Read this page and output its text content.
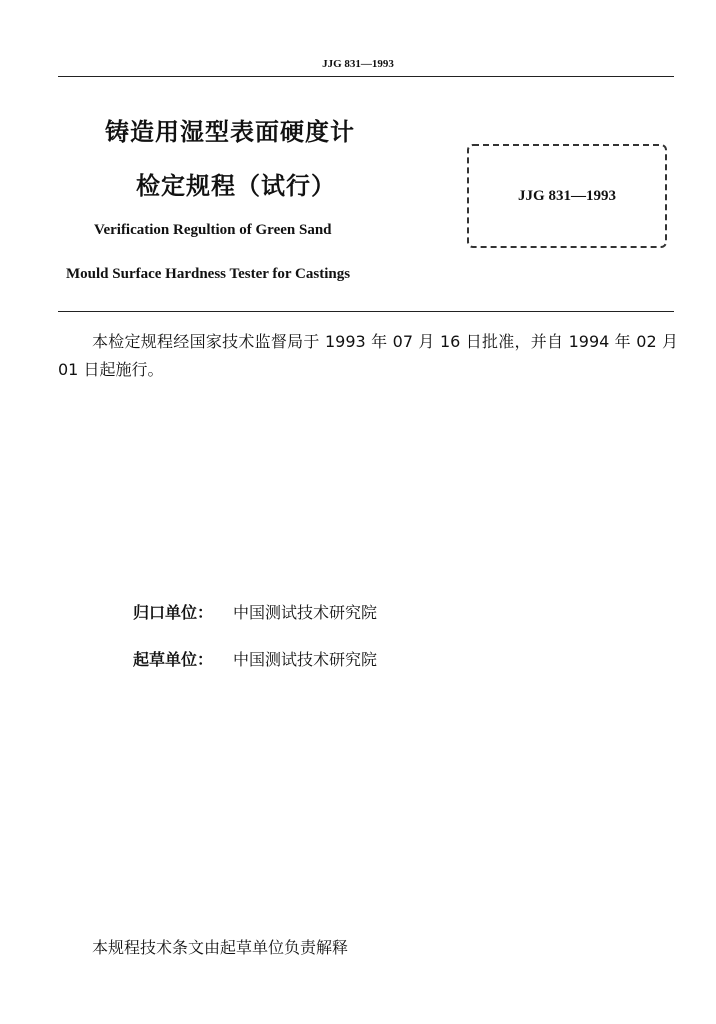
JJG 831—1993
铸造用湿型表面硬度计
检定规程（试行）
Verification Regultion of Green Sand
Mould Surface Hardness Tester for Castings
JJG 831—1993
本检定规程经国家技术监督局于 1993 年 07 月 16 日批准，并自 1994 年 02 月 01 日起施行。
归口单位： 中国测试技术研究院
起草单位： 中国测试技术研究院
本规程技术条文由起草单位负责解释
